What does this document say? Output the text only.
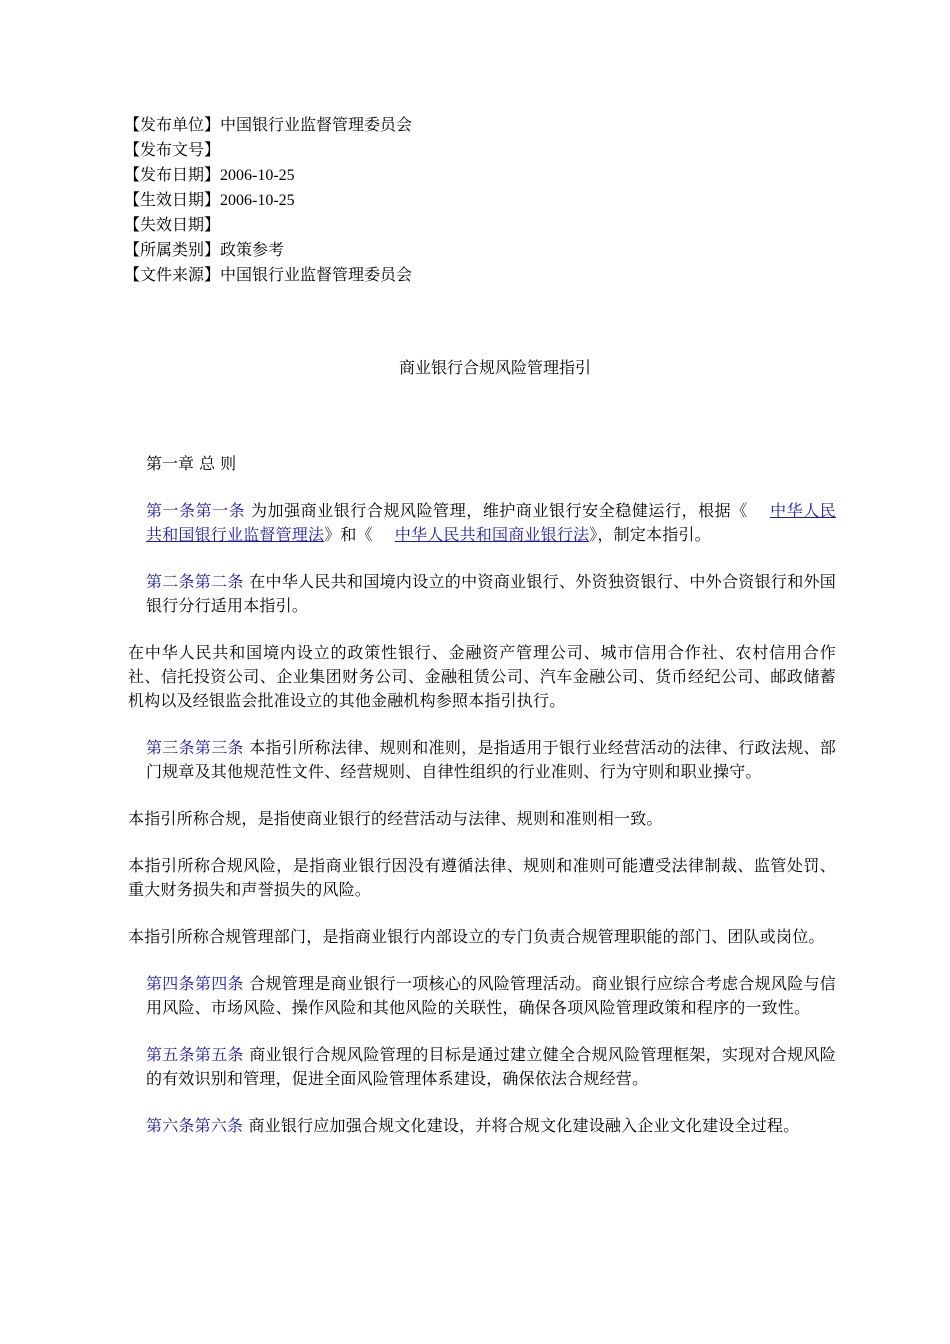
【发布单位】中国银行业监督管理委员会
【发布文号】
【发布日期】2006-10-25
【生效日期】2006-10-25
【失效日期】
【所属类别】政策参考
【文件来源】中国银行业监督管理委员会
商业银行合规风险管理指引
第一章 总 则
第一条第一条 为加强商业银行合规风险管理，维护商业银行安全稳健运行，根据《 中华人民共和国银行业监督管理法》和《 中华人民共和国商业银行法》，制定本指引。
第二条第二条 在中华人民共和国境内设立的中资商业银行、外资独资银行、中外合资银行和外国银行分行适用本指引。
在中华人民共和国境内设立的政策性银行、金融资产管理公司、城市信用合作社、农村信用合作社、信托投资公司、企业集团财务公司、金融租赁公司、汽车金融公司、货币经纪公司、邮政储蓄机构以及经银监会批准设立的其他金融机构参照本指引执行。
第三条第三条 本指引所称法律、规则和准则，是指适用于银行业经营活动的法律、行政法规、部门规章及其他规范性文件、经营规则、自律性组织的行业准则、行为守则和职业操守。
本指引所称合规，是指使商业银行的经营活动与法律、规则和准则相一致。
本指引所称合规风险，是指商业银行因没有遵循法律、规则和准则可能遭受法律制裁、监管处罚、重大财务损失和声誉损失的风险。
本指引所称合规管理部门，是指商业银行内部设立的专门负责合规管理职能的部门、团队或岗位。
第四条第四条 合规管理是商业银行一项核心的风险管理活动。商业银行应综合考虑合规风险与信用风险、市场风险、操作风险和其他风险的关联性，确保各项风险管理政策和程序的一致性。
第五条第五条 商业银行合规风险管理的目标是通过建立健全合规风险管理框架，实现对合规风险的有效识别和管理，促进全面风险管理体系建设，确保依法合规经营。
第六条第六条 商业银行应加强合规文化建设，并将合规文化建设融入企业文化建设全过程。
